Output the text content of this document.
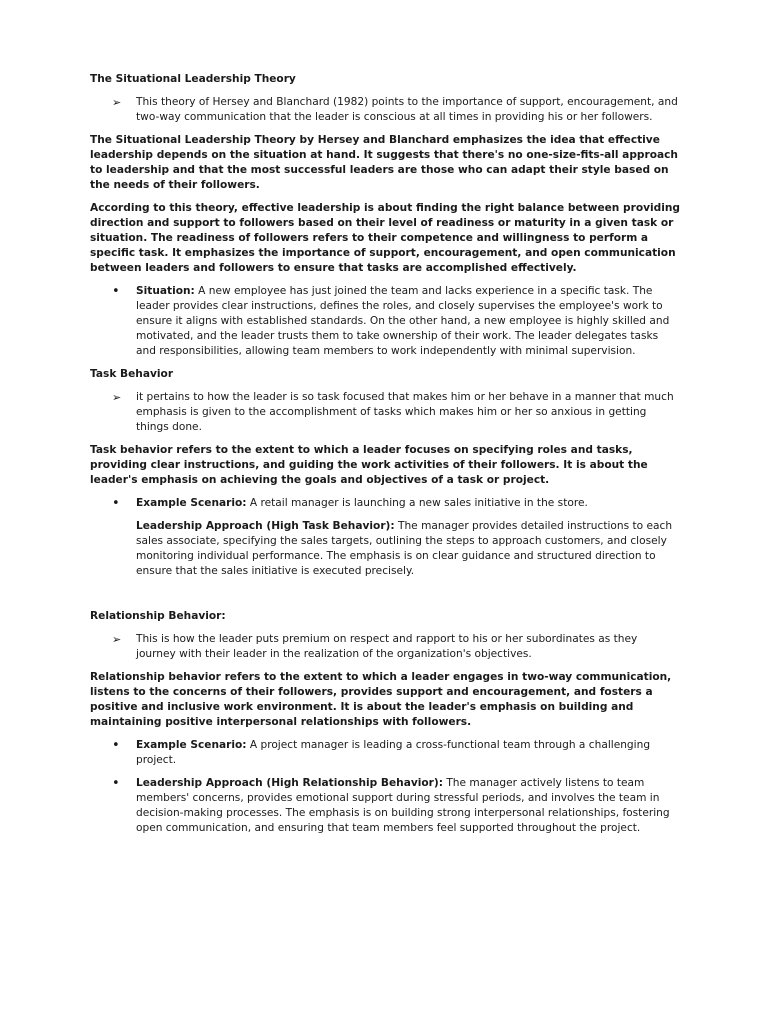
The Situational Leadership Theory
➢	This theory of Hersey and Blanchard (1982) points to the importance of support, encouragement, and two-way communication that the leader is conscious at all times in providing his or her followers.
The Situational Leadership Theory by Hersey and Blanchard emphasizes the idea that effective leadership depends on the situation at hand. It suggests that there's no one-size-fits-all approach to leadership and that the most successful leaders are those who can adapt their style based on the needs of their followers.
According to this theory, effective leadership is about finding the right balance between providing direction and support to followers based on their level of readiness or maturity in a given task or situation. The readiness of followers refers to their competence and willingness to perform a specific task. It emphasizes the importance of support, encouragement, and open communication between leaders and followers to ensure that tasks are accomplished effectively.
•	Situation: A new employee has just joined the team and lacks experience in a specific task. The leader provides clear instructions, defines the roles, and closely supervises the employee's work to ensure it aligns with established standards. On the other hand, a new employee is highly skilled and motivated, and the leader trusts them to take ownership of their work. The leader delegates tasks and responsibilities, allowing team members to work independently with minimal supervision.
Task Behavior
➢	it pertains to how the leader is so task focused that makes him or her behave in a manner that much emphasis is given to the accomplishment of tasks which makes him or her so anxious in getting things done.
Task behavior refers to the extent to which a leader focuses on specifying roles and tasks, providing clear instructions, and guiding the work activities of their followers. It is about the leader's emphasis on achieving the goals and objectives of a task or project.
•	Example Scenario: A retail manager is launching a new sales initiative in the store.
Leadership Approach (High Task Behavior): The manager provides detailed instructions to each sales associate, specifying the sales targets, outlining the steps to approach customers, and closely monitoring individual performance. The emphasis is on clear guidance and structured direction to ensure that the sales initiative is executed precisely.
Relationship Behavior:
➢	This is how the leader puts premium on respect and rapport to his or her subordinates as they journey with their leader in the realization of the organization's objectives.
Relationship behavior refers to the extent to which a leader engages in two-way communication, listens to the concerns of their followers, provides support and encouragement, and fosters a positive and inclusive work environment. It is about the leader's emphasis on building and maintaining positive interpersonal relationships with followers.
•	Example Scenario: A project manager is leading a cross-functional team through a challenging project.
•	Leadership Approach (High Relationship Behavior): The manager actively listens to team members' concerns, provides emotional support during stressful periods, and involves the team in decision-making processes. The emphasis is on building strong interpersonal relationships, fostering open communication, and ensuring that team members feel supported throughout the project.
